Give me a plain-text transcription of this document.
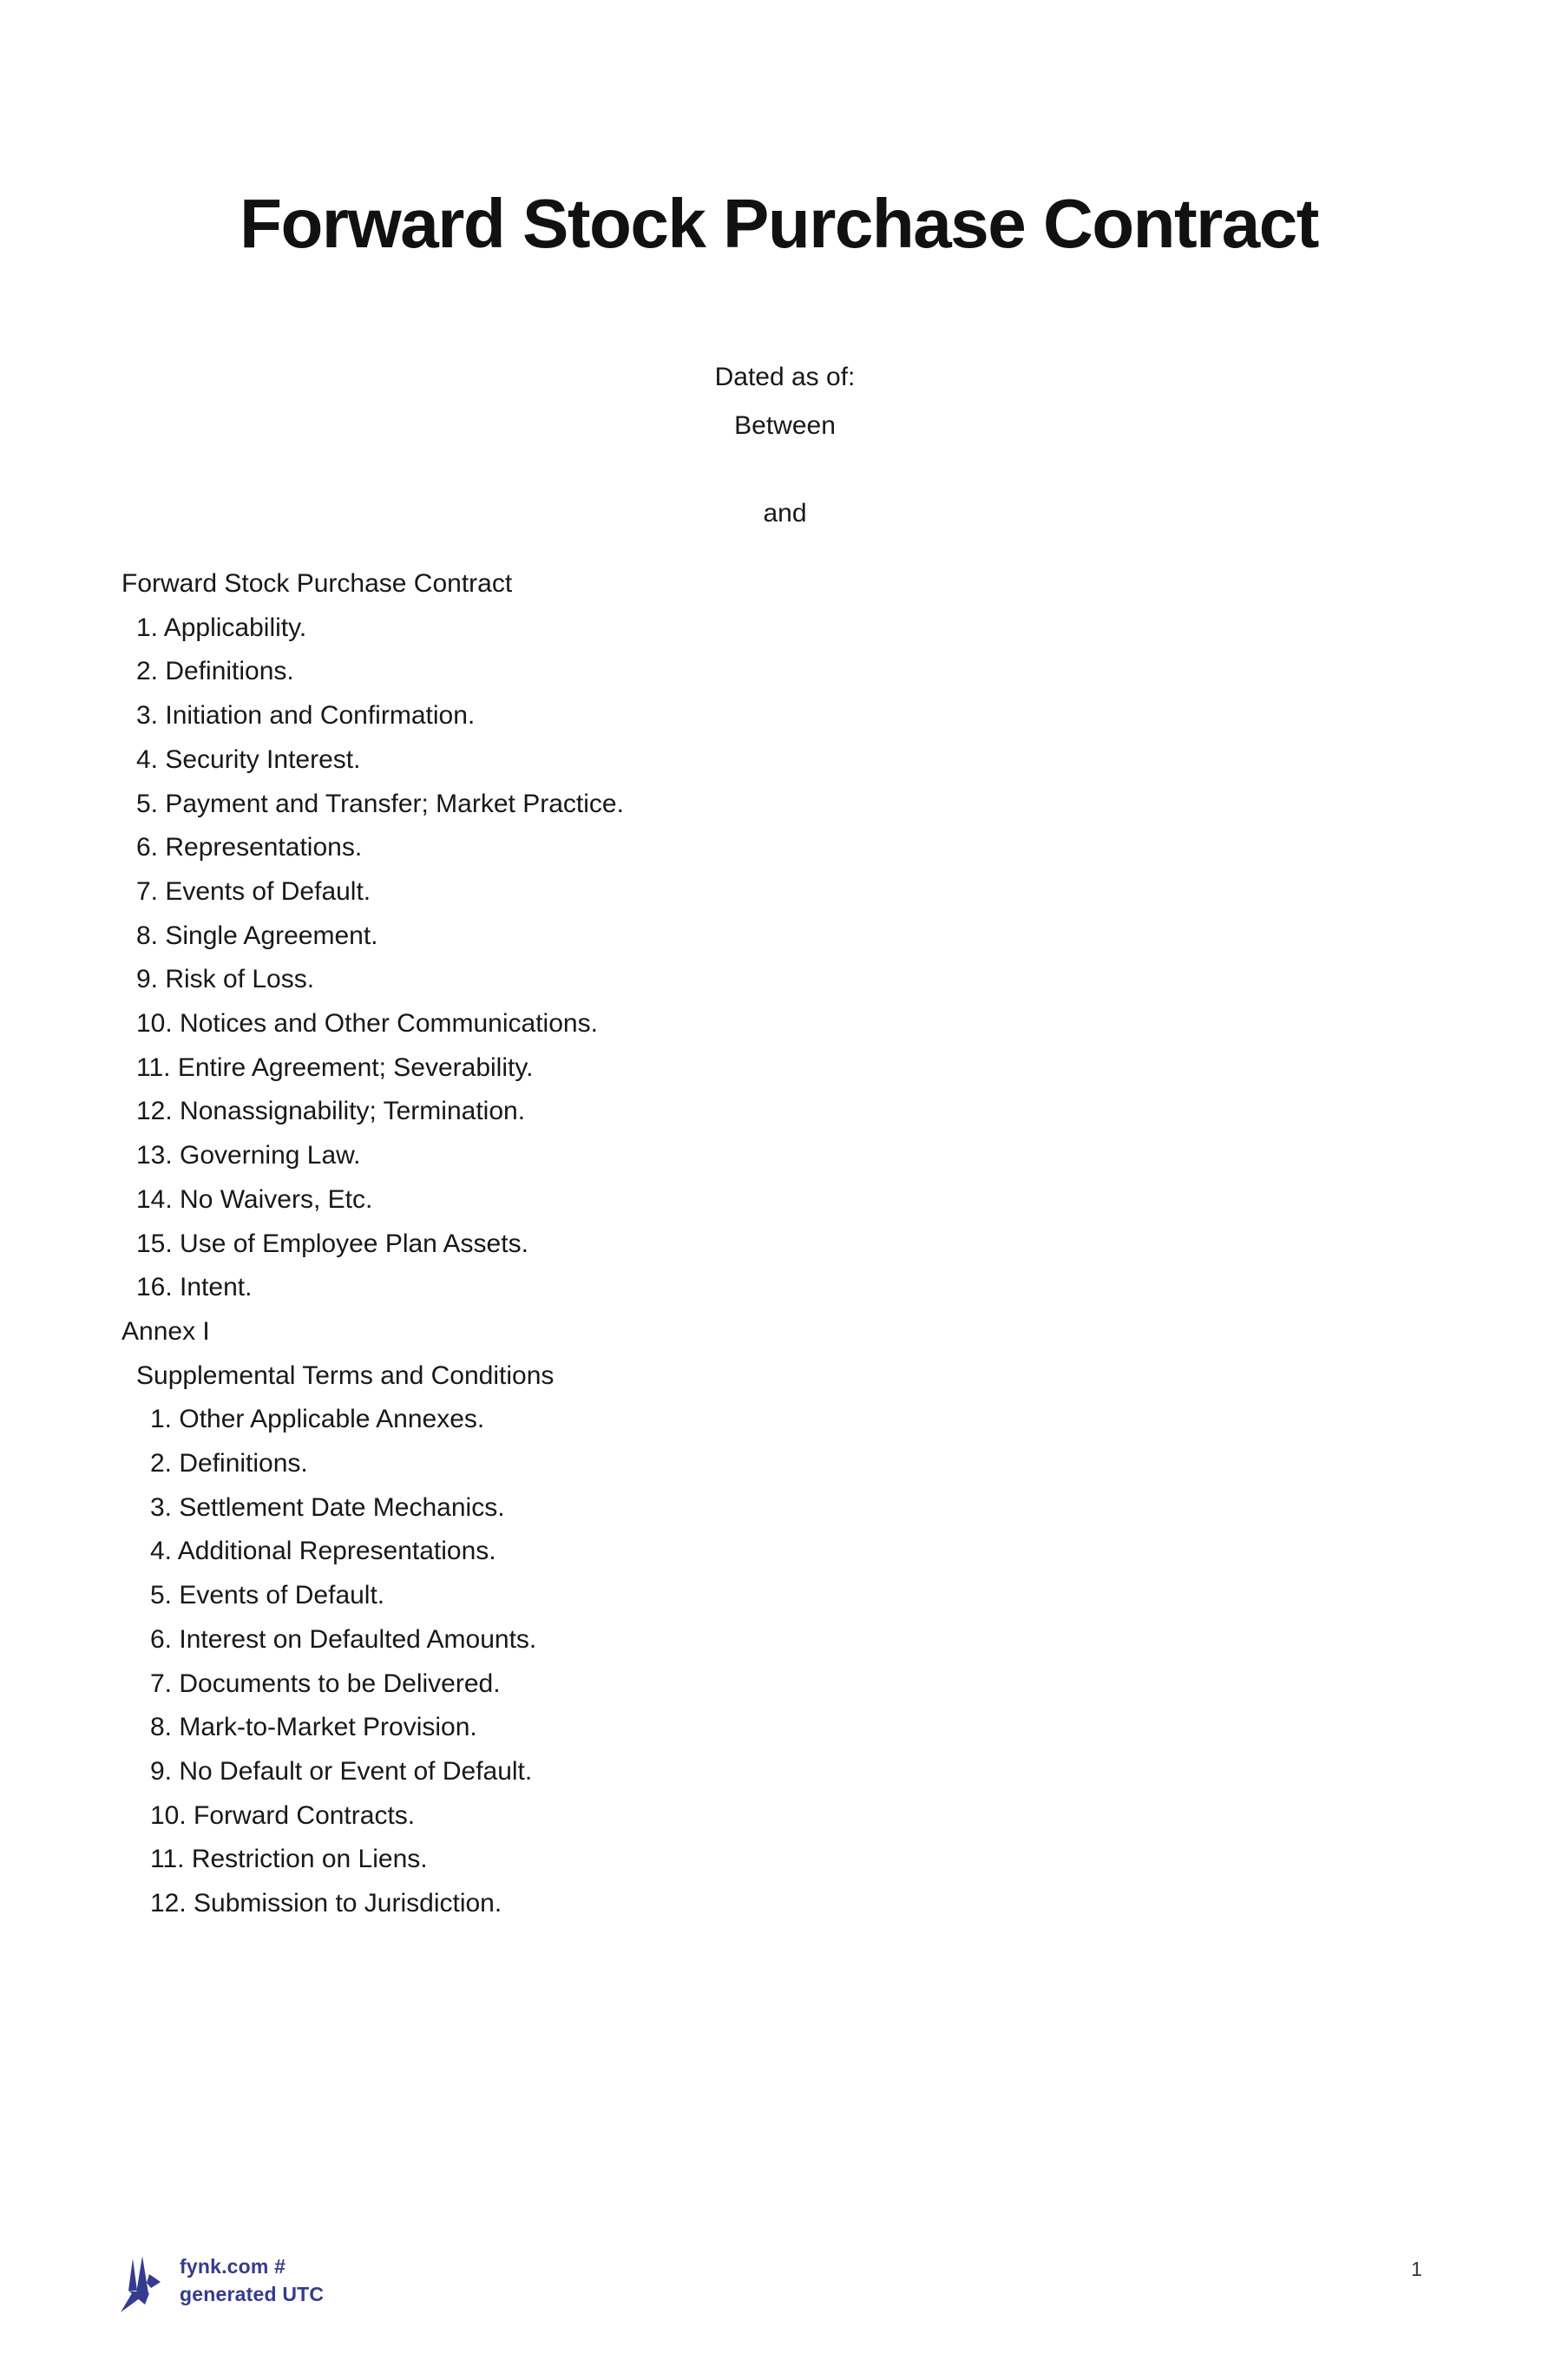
Forward Stock Purchase Contract

Dated as of:

Between

and

Forward Stock Purchase Contract
1. Applicability.
2. Definitions.
3. Initiation and Confirmation.
4. Security Interest.
5. Payment and Transfer; Market Practice.
6. Representations.
7. Events of Default.
8. Single Agreement.
9. Risk of Loss.
10. Notices and Other Communications.
11. Entire Agreement; Severability.
12. Nonassignability; Termination.
13. Governing Law.
14. No Waivers, Etc.
15. Use of Employee Plan Assets.
16. Intent.
Annex I
Supplemental Terms and Conditions
1. Other Applicable Annexes.
2. Definitions.
3. Settlement Date Mechanics.
4. Additional Representations.
5. Events of Default.
6. Interest on Defaulted Amounts.
7. Documents to be Delivered.
8. Mark-to-Market Provision.
9. No Default or Event of Default.
10. Forward Contracts.
11. Restriction on Liens.
12. Submission to Jurisdiction.
fynk.com #
generated UTC
1
